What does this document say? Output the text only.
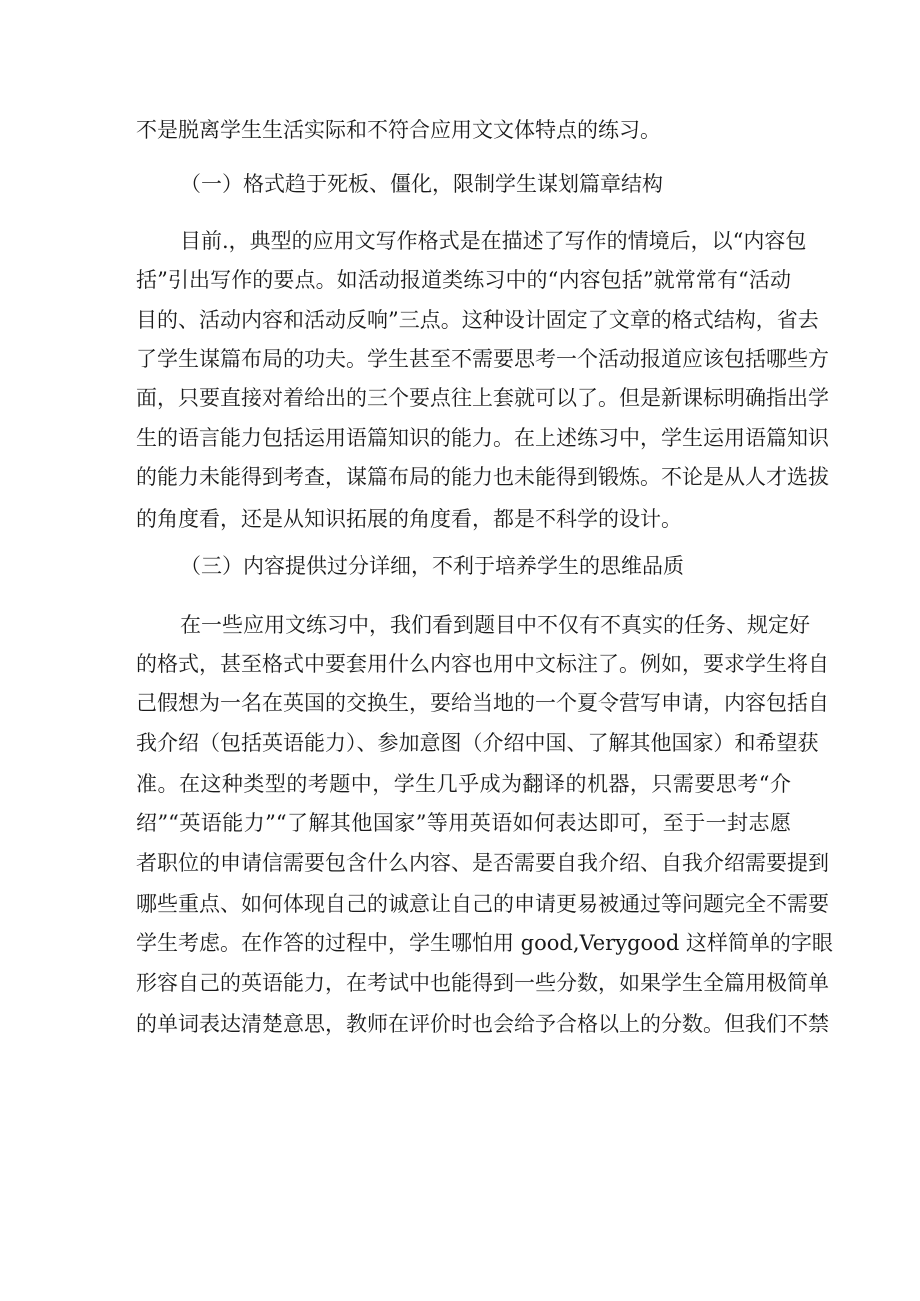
不是脱离学生生活实际和不符合应用文文体特点的练习。
（一）格式趋于死板、僵化，限制学生谋划篇章结构
目前.，典型的应用文写作格式是在描述了写作的情境后，以“内容包
括”引出写作的要点。如活动报道类练习中的“内容包括”就常常有“活动
目的、活动内容和活动反响”三点。这种设计固定了文章的格式结构，省去
了学生谋篇布局的功夫。学生甚至不需要思考一个活动报道应该包括哪些方
面，只要直接对着给出的三个要点往上套就可以了。但是新课标明确指出学
生的语言能力包括运用语篇知识的能力。在上述练习中，学生运用语篇知识
的能力未能得到考查，谋篇布局的能力也未能得到锻炼。不论是从人才选拔
的角度看，还是从知识拓展的角度看，都是不科学的设计。
（三）内容提供过分详细，不利于培养学生的思维品质
在一些应用文练习中，我们看到题目中不仅有不真实的任务、规定好
的格式，甚至格式中要套用什么内容也用中文标注了。例如，要求学生将自
己假想为一名在英国的交换生，要给当地的一个夏令营写申请，内容包括自
我介绍（包括英语能力）、参加意图（介绍中国、了解其他国家）和希望获
准。在这种类型的考题中，学生几乎成为翻译的机器，只需要思考“介
绍”“英语能力”“了解其他国家”等用英语如何表达即可，至于一封志愿
者职位的申请信需要包含什么内容、是否需要自我介绍、自我介绍需要提到
哪些重点、如何体现自己的诚意让自己的申请更易被通过等问题完全不需要
学生考虑。在作答的过程中，学生哪怕用 good,Verygood 这样简单的字眼
形容自己的英语能力，在考试中也能得到一些分数，如果学生全篇用极简单
的单词表达清楚意思，教师在评价时也会给予合格以上的分数。但我们不禁
